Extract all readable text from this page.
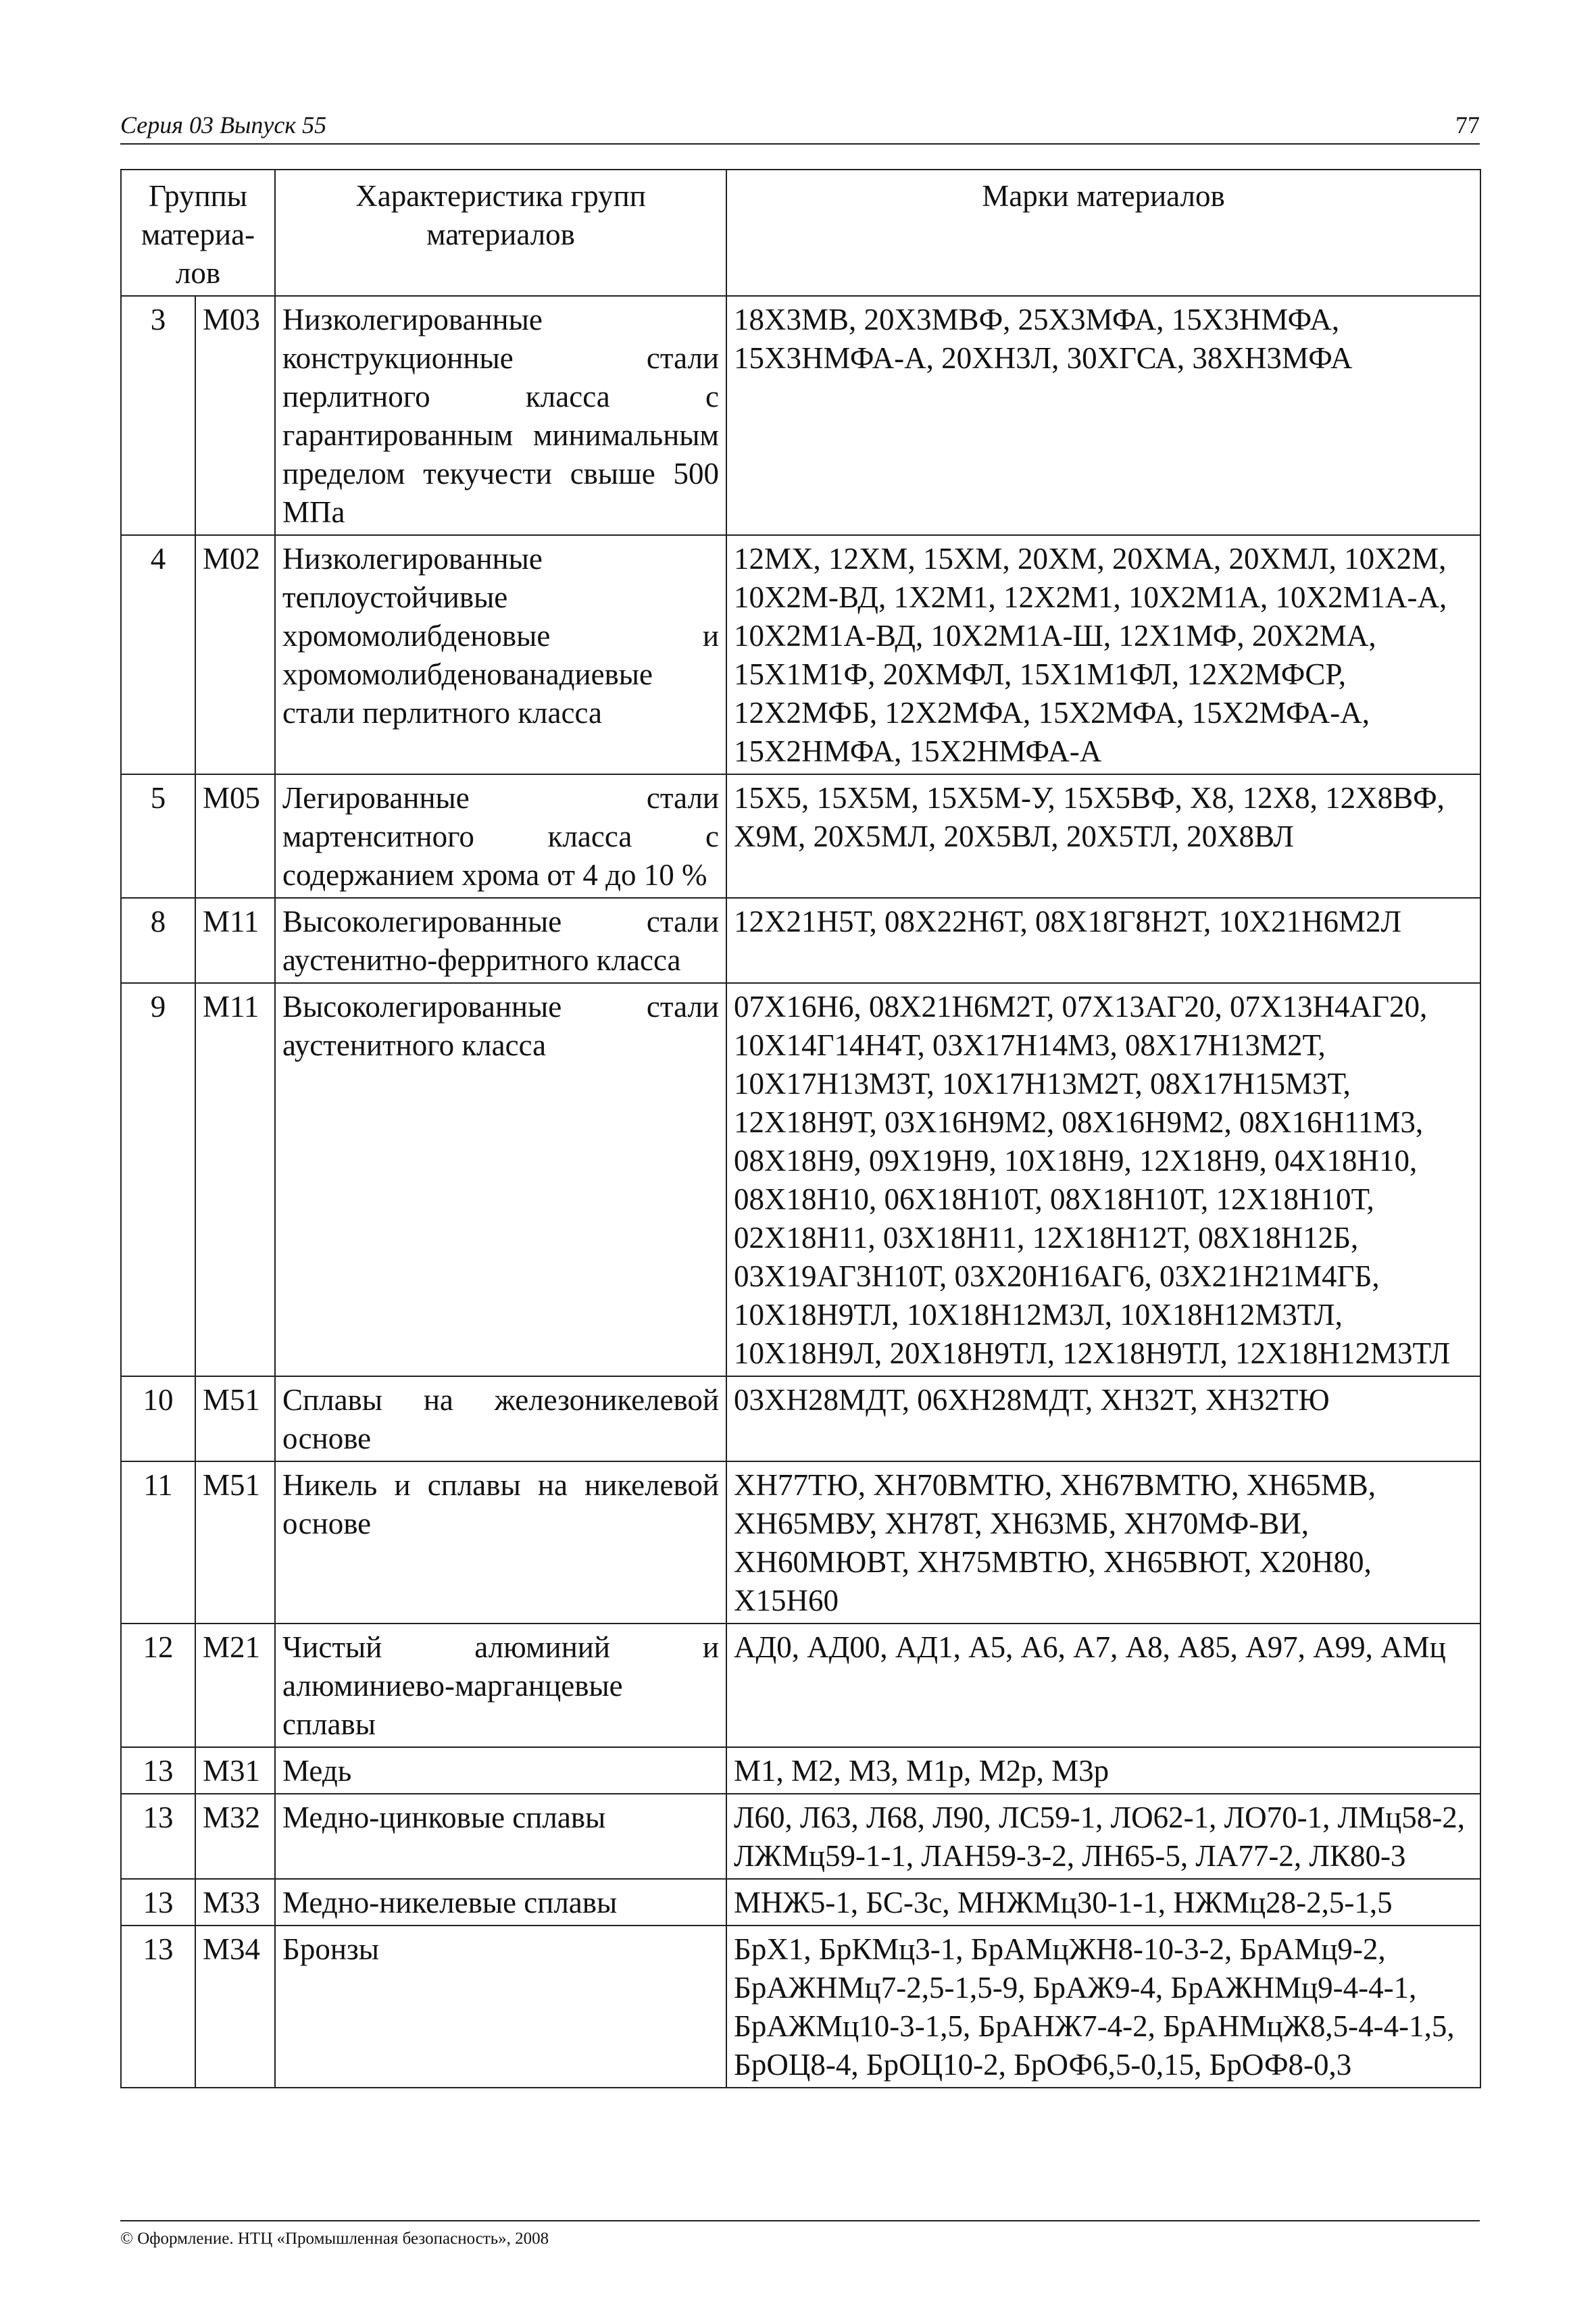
Серия 03 Выпуск 55	77
Группы материа-лов		Характеристика групп материалов	Марки материалов
3	M03	Низколегированные конструкционные стали перлитного класса с гарантированным минимальным пределом текучести свыше 500 МПа	18Х3МВ, 20Х3МВФ, 25Х3МФА, 15Х3НМФА, 15Х3НМФА-А, 20ХН3Л, 30ХГСА, 38ХН3МФА
4	M02	Низколегированные теплоустойчивые хромомолибденовые и хромомолибденованадиевые стали перлитного класса	12МХ, 12ХМ, 15ХМ, 20ХМ, 20ХМА, 20ХМЛ, 10Х2М, 10Х2М-ВД, 1Х2М1, 12Х2М1, 10Х2М1А, 10Х2М1А-А, 10Х2М1А-ВД, 10Х2М1А-Ш, 12Х1МФ, 20Х2МА, 15Х1М1Ф, 20ХМФЛ, 15Х1М1ФЛ, 12Х2МФСР, 12Х2МФБ, 12Х2МФА, 15Х2МФА, 15Х2МФА-А, 15Х2НМФА, 15Х2НМФА-А
5	M05	Легированные стали мартенситного класса с содержанием хрома от 4 до 10 %	15Х5, 15Х5М, 15Х5М-У, 15Х5ВФ, Х8, 12Х8, 12Х8ВФ, Х9М, 20Х5МЛ, 20Х5ВЛ, 20Х5ТЛ, 20Х8ВЛ
8	M11	Высоколегированные стали аустенитно-ферритного класса	12Х21Н5Т, 08Х22Н6Т, 08Х18Г8Н2Т, 10Х21Н6М2Л
9	M11	Высоколегированные стали аустенитного класса	07Х16Н6, 08Х21Н6М2Т, 07Х13АГ20, 07Х13Н4АГ20, 10Х14Г14Н4Т, 03Х17Н14М3, 08Х17Н13М2Т, 10Х17Н13М3Т, 10Х17Н13М2Т, 08Х17Н15М3Т, 12Х18Н9Т, 03Х16Н9М2, 08Х16Н9М2, 08Х16Н11М3, 08Х18Н9, 09Х19Н9, 10Х18Н9, 12Х18Н9, 04Х18Н10, 08Х18Н10, 06Х18Н10Т, 08Х18Н10Т, 12Х18Н10Т, 02Х18Н11, 03Х18Н11, 12Х18Н12Т, 08Х18Н12Б, 03Х19АГ3Н10Т, 03Х20Н16АГ6, 03Х21Н21М4ГБ, 10Х18Н9ТЛ, 10Х18Н12М3Л, 10Х18Н12М3ТЛ, 10Х18Н9Л, 20Х18Н9ТЛ, 12Х18Н9ТЛ, 12Х18Н12М3ТЛ
10	M51	Сплавы на железоникелевой основе	03ХН28МДТ, 06ХН28МДТ, ХН32Т, ХН32ТЮ
11	M51	Никель и сплавы на никелевой основе	ХН77ТЮ, ХН70ВМТЮ, ХН67ВМТЮ, ХН65МВ, ХН65МВУ, ХН78Т, ХН63МБ, ХН70МФ-ВИ, ХН60МЮВТ, ХН75МВТЮ, ХН65ВЮТ, Х20Н80, Х15Н60
12	M21	Чистый алюминий и алюминиево-марганцевые сплавы	АД0, АД00, АД1, А5, А6, А7, А8, А85, А97, А99, АМц
13	M31	Медь	М1, М2, М3, М1р, М2р, М3р
13	M32	Медно-цинковые сплавы	Л60, Л63, Л68, Л90, ЛС59-1, ЛО62-1, ЛО70-1, ЛМц58-2, ЛЖМц59-1-1, ЛАН59-3-2, ЛН65-5, ЛА77-2, ЛК80-3
13	M33	Медно-никелевые сплавы	МНЖ5-1, БС-3с, МНЖМц30-1-1, НЖМц28-2,5-1,5
13	M34	Бронзы	БрХ1, БрКМц3-1, БрАМцЖН8-10-3-2, БрАМц9-2, БрАЖНМц7-2,5-1,5-9, БрАЖ9-4, БрАЖНМц9-4-4-1, БрАЖМц10-3-1,5, БрАНЖ7-4-2, БрАНМцЖ8,5-4-4-1,5, БрОЦ8-4, БрОЦ10-2, БрОФ6,5-0,15, БрОФ8-0,3
© Оформление. НТЦ «Промышленная безопасность», 2008
